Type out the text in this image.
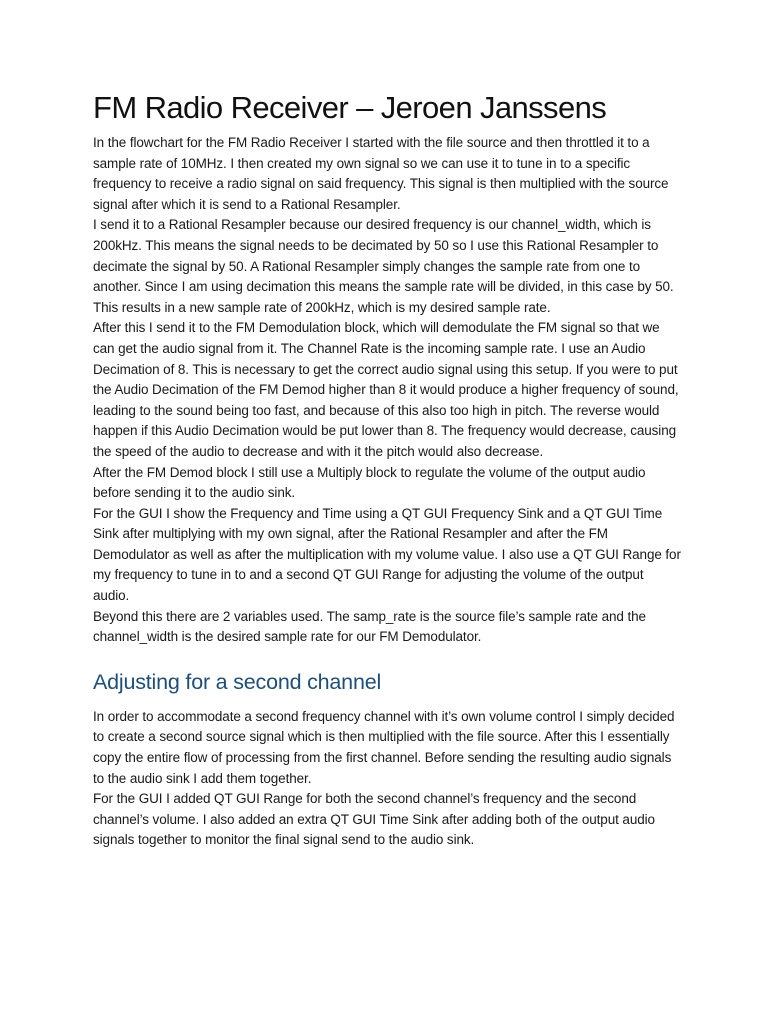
FM Radio Receiver – Jeroen Janssens

In the flowchart for the FM Radio Receiver I started with the file source and then throttled it to a sample rate of 10MHz. I then created my own signal so we can use it to tune in to a specific frequency to receive a radio signal on said frequency. This signal is then multiplied with the source signal after which it is send to a Rational Resampler.

I send it to a Rational Resampler because our desired frequency is our channel_width, which is 200kHz. This means the signal needs to be decimated by 50 so I use this Rational Resampler to decimate the signal by 50. A Rational Resampler simply changes the sample rate from one to another. Since I am using decimation this means the sample rate will be divided, in this case by 50. This results in a new sample rate of 200kHz, which is my desired sample rate.

After this I send it to the FM Demodulation block, which will demodulate the FM signal so that we can get the audio signal from it. The Channel Rate is the incoming sample rate. I use an Audio Decimation of 8. This is necessary to get the correct audio signal using this setup. If you were to put the Audio Decimation of the FM Demod higher than 8 it would produce a higher frequency of sound, leading to the sound being too fast, and because of this also too high in pitch. The reverse would happen if this Audio Decimation would be put lower than 8. The frequency would decrease, causing the speed of the audio to decrease and with it the pitch would also decrease.

After the FM Demod block I still use a Multiply block to regulate the volume of the output audio before sending it to the audio sink.

For the GUI I show the Frequency and Time using a QT GUI Frequency Sink and a QT GUI Time Sink after multiplying with my own signal, after the Rational Resampler and after the FM Demodulator as well as after the multiplication with my volume value. I also use a QT GUI Range for my frequency to tune in to and a second QT GUI Range for adjusting the volume of the output audio.

Beyond this there are 2 variables used. The samp_rate is the source file’s sample rate and the channel_width is the desired sample rate for our FM Demodulator.

Adjusting for a second channel

In order to accommodate a second frequency channel with it’s own volume control I simply decided to create a second source signal which is then multiplied with the file source. After this I essentially copy the entire flow of processing from the first channel. Before sending the resulting audio signals to the audio sink I add them together.

For the GUI I added QT GUI Range for both the second channel’s frequency and the second channel’s volume. I also added an extra QT GUI Time Sink after adding both of the output audio signals together to monitor the final signal send to the audio sink.
